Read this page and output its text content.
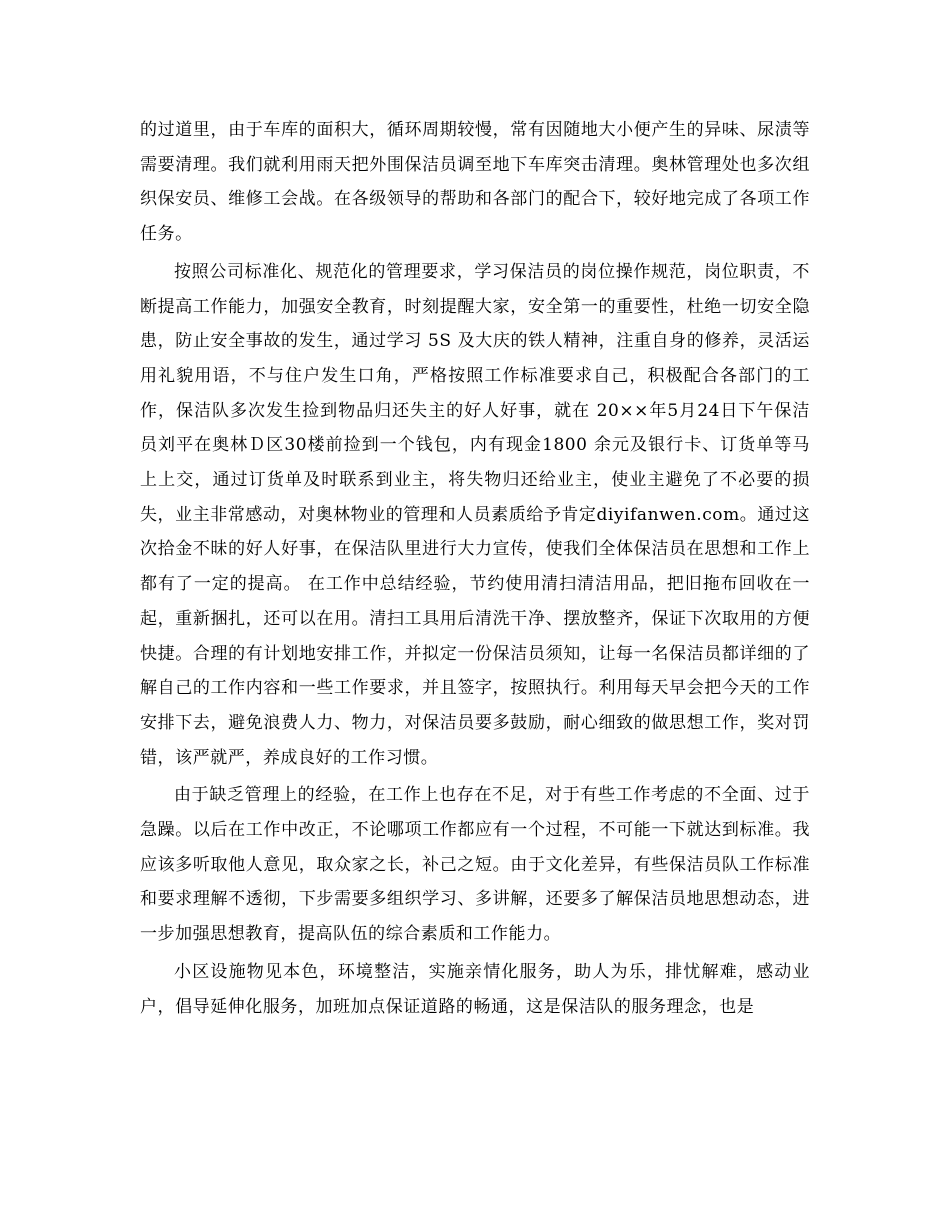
的过道里，由于车库的面积大，循环周期较慢，常有因随地大小便产生的异味、尿渍等需要清理。我们就利用雨天把外围保洁员调至地下车库突击清理。奥林管理处也多次组织保安员、维修工会战。在各级领导的帮助和各部门的配合下，较好地完成了各项工作任务。

按照公司标准化、规范化的管理要求，学习保洁员的岗位操作规范，岗位职责，不断提高工作能力，加强安全教育，时刻提醒大家，安全第一的重要性，杜绝一切安全隐患，防止安全事故的发生，通过学习 5S 及大庆的铁人精神，注重自身的修养，灵活运用礼貌用语，不与住户发生口角，严格按照工作标准要求自己，积极配合各部门的工作，保洁队多次发生捡到物品归还失主的好人好事，就在 20××年5月24日下午保洁员刘平在奥林Ｄ区30楼前捡到一个钱包，内有现金1800 余元及银行卡、订货单等马上上交，通过订货单及时联系到业主，将失物归还给业主，使业主避免了不必要的损失，业主非常感动，对奥林物业的管理和人员素质给予肯定diyifanwen.com。通过这次拾金不昧的好人好事，在保洁队里进行大力宣传，使我们全体保洁员在思想和工作上都有了一定的提高。 在工作中总结经验，节约使用清扫清洁用品，把旧拖布回收在一起，重新捆扎，还可以在用。清扫工具用后清洗干净、摆放整齐，保证下次取用的方便快捷。合理的有计划地安排工作，并拟定一份保洁员须知，让每一名保洁员都详细的了解自己的工作内容和一些工作要求，并且签字，按照执行。利用每天早会把今天的工作安排下去，避免浪费人力、物力，对保洁员要多鼓励，耐心细致的做思想工作，奖对罚错，该严就严，养成良好的工作习惯。

由于缺乏管理上的经验，在工作上也存在不足，对于有些工作考虑的不全面、过于急躁。以后在工作中改正，不论哪项工作都应有一个过程，不可能一下就达到标准。我应该多听取他人意见，取众家之长，补己之短。由于文化差异，有些保洁员队工作标准和要求理解不透彻，下步需要多组织学习、多讲解，还要多了解保洁员地思想动态，进一步加强思想教育，提高队伍的综合素质和工作能力。

小区设施物见本色，环境整洁，实施亲情化服务，助人为乐，排忧解难，感动业户，倡导延伸化服务，加班加点保证道路的畅通，这是保洁队的服务理念，也是
